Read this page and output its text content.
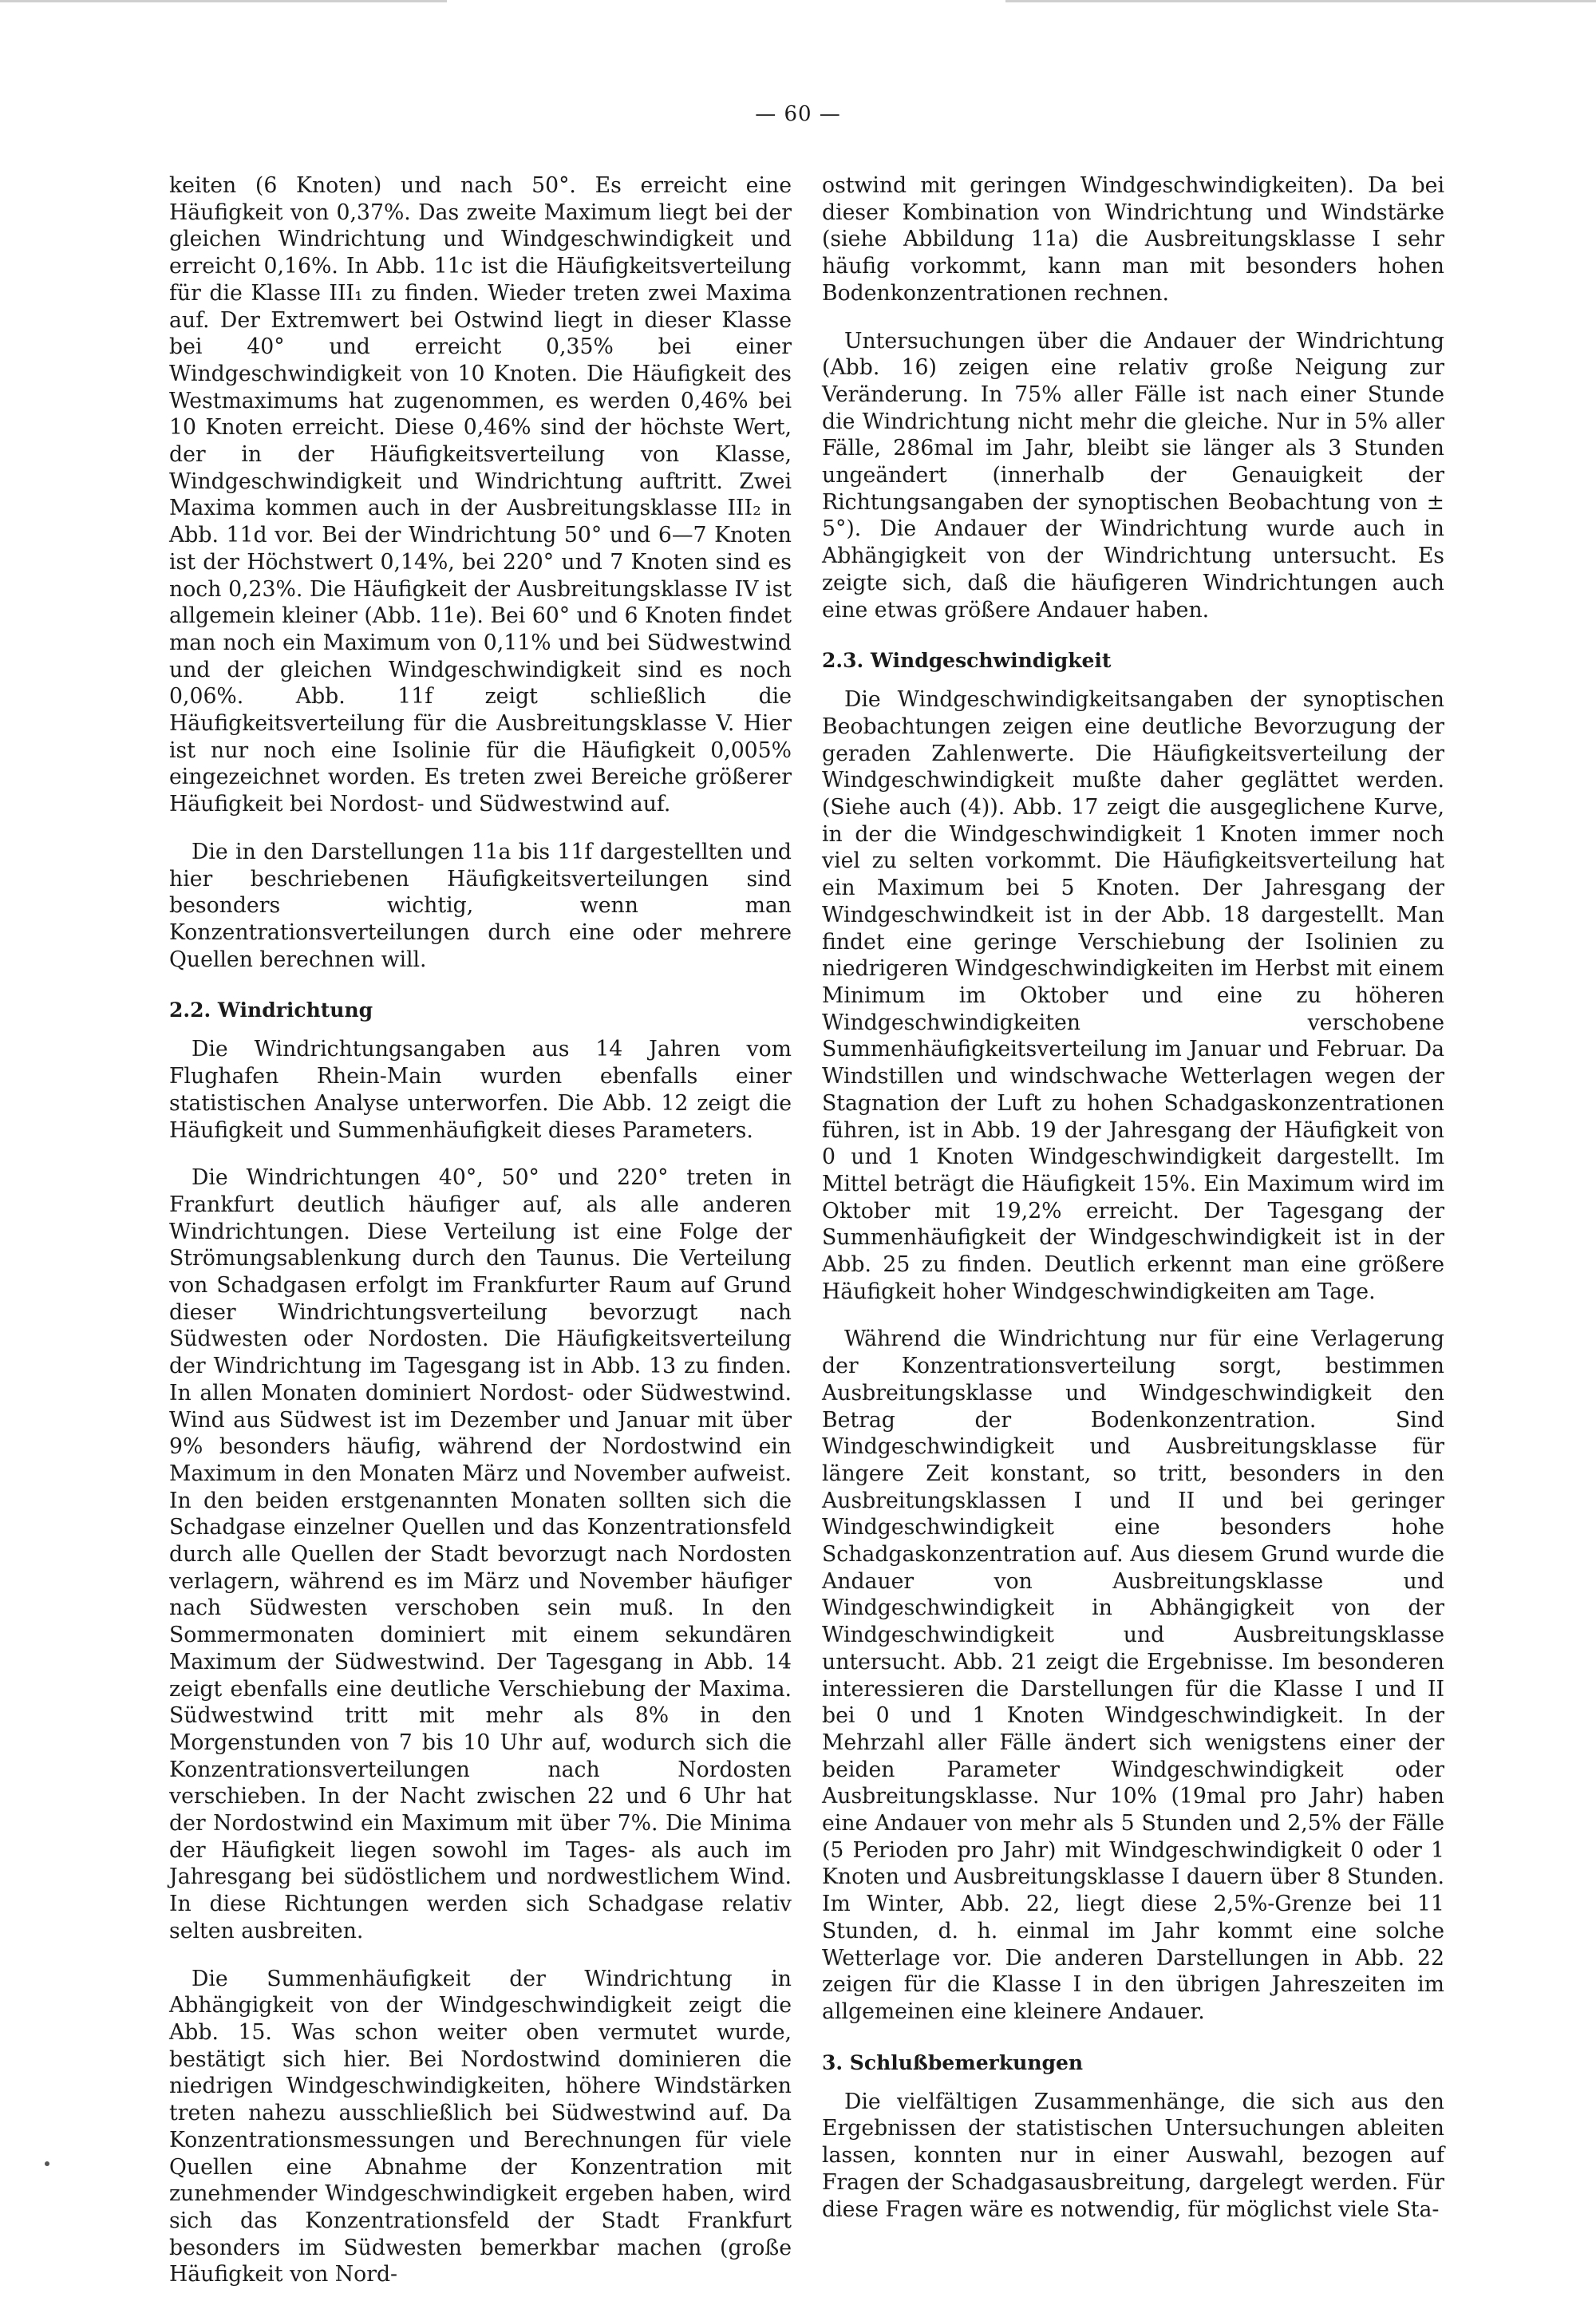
— 60 —

keiten (6 Knoten) und nach 50°. Es erreicht eine Häufigkeit von 0,37%. Das zweite Maximum liegt bei der gleichen Windrichtung und Windgeschwindigkeit und erreicht 0,16%. In Abb. 11c ist die Häufigkeitsverteilung für die Klasse III₁ zu finden. Wieder treten zwei Maxima auf. Der Extremwert bei Ostwind liegt in dieser Klasse bei 40° und erreicht 0,35% bei einer Windgeschwindigkeit von 10 Knoten. Die Häufigkeit des Westmaximums hat zugenommen, es werden 0,46% bei 10 Knoten erreicht. Diese 0,46% sind der höchste Wert, der in der Häufigkeitsverteilung von Klasse, Windgeschwindigkeit und Windrichtung auftritt. Zwei Maxima kommen auch in der Ausbreitungsklasse III₂ in Abb. 11d vor. Bei der Windrichtung 50° und 6—7 Knoten ist der Höchstwert 0,14%, bei 220° und 7 Knoten sind es noch 0,23%. Die Häufigkeit der Ausbreitungsklasse IV ist allgemein kleiner (Abb. 11e). Bei 60° und 6 Knoten findet man noch ein Maximum von 0,11% und bei Südwestwind und der gleichen Windgeschwindigkeit sind es noch 0,06%. Abb. 11f zeigt schließlich die Häufigkeitsverteilung für die Ausbreitungsklasse V. Hier ist nur noch eine Isolinie für die Häufigkeit 0,005% eingezeichnet worden. Es treten zwei Bereiche größerer Häufigkeit bei Nordost- und Südwestwind auf.

Die in den Darstellungen 11a bis 11f dargestellten und hier beschriebenen Häufigkeitsverteilungen sind besonders wichtig, wenn man Konzentrationsverteilungen durch eine oder mehrere Quellen berechnen will.

2.2. Windrichtung

Die Windrichtungsangaben aus 14 Jahren vom Flughafen Rhein-Main wurden ebenfalls einer statistischen Analyse unterworfen. Die Abb. 12 zeigt die Häufigkeit und Summenhäufigkeit dieses Parameters.

Die Windrichtungen 40°, 50° und 220° treten in Frankfurt deutlich häufiger auf, als alle anderen Windrichtungen. Diese Verteilung ist eine Folge der Strömungsablenkung durch den Taunus. Die Verteilung von Schadgasen erfolgt im Frankfurter Raum auf Grund dieser Windrichtungsverteilung bevorzugt nach Südwesten oder Nordosten. Die Häufigkeitsverteilung der Windrichtung im Tagesgang ist in Abb. 13 zu finden. In allen Monaten dominiert Nordost- oder Südwestwind. Wind aus Südwest ist im Dezember und Januar mit über 9% besonders häufig, während der Nordostwind ein Maximum in den Monaten März und November aufweist. In den beiden erstgenannten Monaten sollten sich die Schadgase einzelner Quellen und das Konzentrationsfeld durch alle Quellen der Stadt bevorzugt nach Nordosten verlagern, während es im März und November häufiger nach Südwesten verschoben sein muß. In den Sommermonaten dominiert mit einem sekundären Maximum der Südwestwind. Der Tagesgang in Abb. 14 zeigt ebenfalls eine deutliche Verschiebung der Maxima. Südwestwind tritt mit mehr als 8% in den Morgenstunden von 7 bis 10 Uhr auf, wodurch sich die Konzentrationsverteilungen nach Nordosten verschieben. In der Nacht zwischen 22 und 6 Uhr hat der Nordostwind ein Maximum mit über 7%. Die Minima der Häufigkeit liegen sowohl im Tages- als auch im Jahresgang bei südöstlichem und nordwestlichem Wind. In diese Richtungen werden sich Schadgase relativ selten ausbreiten.

Die Summenhäufigkeit der Windrichtung in Abhängigkeit von der Windgeschwindigkeit zeigt die Abb. 15. Was schon weiter oben vermutet wurde, bestätigt sich hier. Bei Nordostwind dominieren die niedrigen Windgeschwindigkeiten, höhere Windstärken treten nahezu ausschließlich bei Südwestwind auf. Da Konzentrationsmessungen und Berechnungen für viele Quellen eine Abnahme der Konzentration mit zunehmender Windgeschwindigkeit ergeben haben, wird sich das Konzentrationsfeld der Stadt Frankfurt besonders im Südwesten bemerkbar machen (große Häufigkeit von Nord-

ostwind mit geringen Windgeschwindigkeiten). Da bei dieser Kombination von Windrichtung und Windstärke (siehe Abbildung 11a) die Ausbreitungsklasse I sehr häufig vorkommt, kann man mit besonders hohen Bodenkonzentrationen rechnen.

Untersuchungen über die Andauer der Windrichtung (Abb. 16) zeigen eine relativ große Neigung zur Veränderung. In 75% aller Fälle ist nach einer Stunde die Windrichtung nicht mehr die gleiche. Nur in 5% aller Fälle, 286mal im Jahr, bleibt sie länger als 3 Stunden ungeändert (innerhalb der Genauigkeit der Richtungsangaben der synoptischen Beobachtung von ± 5°). Die Andauer der Windrichtung wurde auch in Abhängigkeit von der Windrichtung untersucht. Es zeigte sich, daß die häufigeren Windrichtungen auch eine etwas größere Andauer haben.

2.3. Windgeschwindigkeit

Die Windgeschwindigkeitsangaben der synoptischen Beobachtungen zeigen eine deutliche Bevorzugung der geraden Zahlenwerte. Die Häufigkeitsverteilung der Windgeschwindigkeit mußte daher geglättet werden. (Siehe auch (4)). Abb. 17 zeigt die ausgeglichene Kurve, in der die Windgeschwindigkeit 1 Knoten immer noch viel zu selten vorkommt. Die Häufigkeitsverteilung hat ein Maximum bei 5 Knoten. Der Jahresgang der Windgeschwindkeit ist in der Abb. 18 dargestellt. Man findet eine geringe Verschiebung der Isolinien zu niedrigeren Windgeschwindigkeiten im Herbst mit einem Minimum im Oktober und eine zu höheren Windgeschwindigkeiten verschobene Summenhäufigkeitsverteilung im Januar und Februar. Da Windstillen und windschwache Wetterlagen wegen der Stagnation der Luft zu hohen Schadgaskonzentrationen führen, ist in Abb. 19 der Jahresgang der Häufigkeit von 0 und 1 Knoten Windgeschwindigkeit dargestellt. Im Mittel beträgt die Häufigkeit 15%. Ein Maximum wird im Oktober mit 19,2% erreicht. Der Tagesgang der Summenhäufigkeit der Windgeschwindigkeit ist in der Abb. 25 zu finden. Deutlich erkennt man eine größere Häufigkeit hoher Windgeschwindigkeiten am Tage.

Während die Windrichtung nur für eine Verlagerung der Konzentrationsverteilung sorgt, bestimmen Ausbreitungsklasse und Windgeschwindigkeit den Betrag der Bodenkonzentration. Sind Windgeschwindigkeit und Ausbreitungsklasse für längere Zeit konstant, so tritt, besonders in den Ausbreitungsklassen I und II und bei geringer Windgeschwindigkeit eine besonders hohe Schadgaskonzentration auf. Aus diesem Grund wurde die Andauer von Ausbreitungsklasse und Windgeschwindigkeit in Abhängigkeit von der Windgeschwindigkeit und Ausbreitungsklasse untersucht. Abb. 21 zeigt die Ergebnisse. Im besonderen interessieren die Darstellungen für die Klasse I und II bei 0 und 1 Knoten Windgeschwindigkeit. In der Mehrzahl aller Fälle ändert sich wenigstens einer der beiden Parameter Windgeschwindigkeit oder Ausbreitungsklasse. Nur 10% (19mal pro Jahr) haben eine Andauer von mehr als 5 Stunden und 2,5% der Fälle (5 Perioden pro Jahr) mit Windgeschwindigkeit 0 oder 1 Knoten und Ausbreitungsklasse I dauern über 8 Stunden. Im Winter, Abb. 22, liegt diese 2,5%-Grenze bei 11 Stunden, d. h. einmal im Jahr kommt eine solche Wetterlage vor. Die anderen Darstellungen in Abb. 22 zeigen für die Klasse I in den übrigen Jahreszeiten im allgemeinen eine kleinere Andauer.

3. Schlußbemerkungen

Die vielfältigen Zusammenhänge, die sich aus den Ergebnissen der statistischen Untersuchungen ableiten lassen, konnten nur in einer Auswahl, bezogen auf Fragen der Schadgasausbreitung, dargelegt werden. Für diese Fragen wäre es notwendig, für möglichst viele Sta-
